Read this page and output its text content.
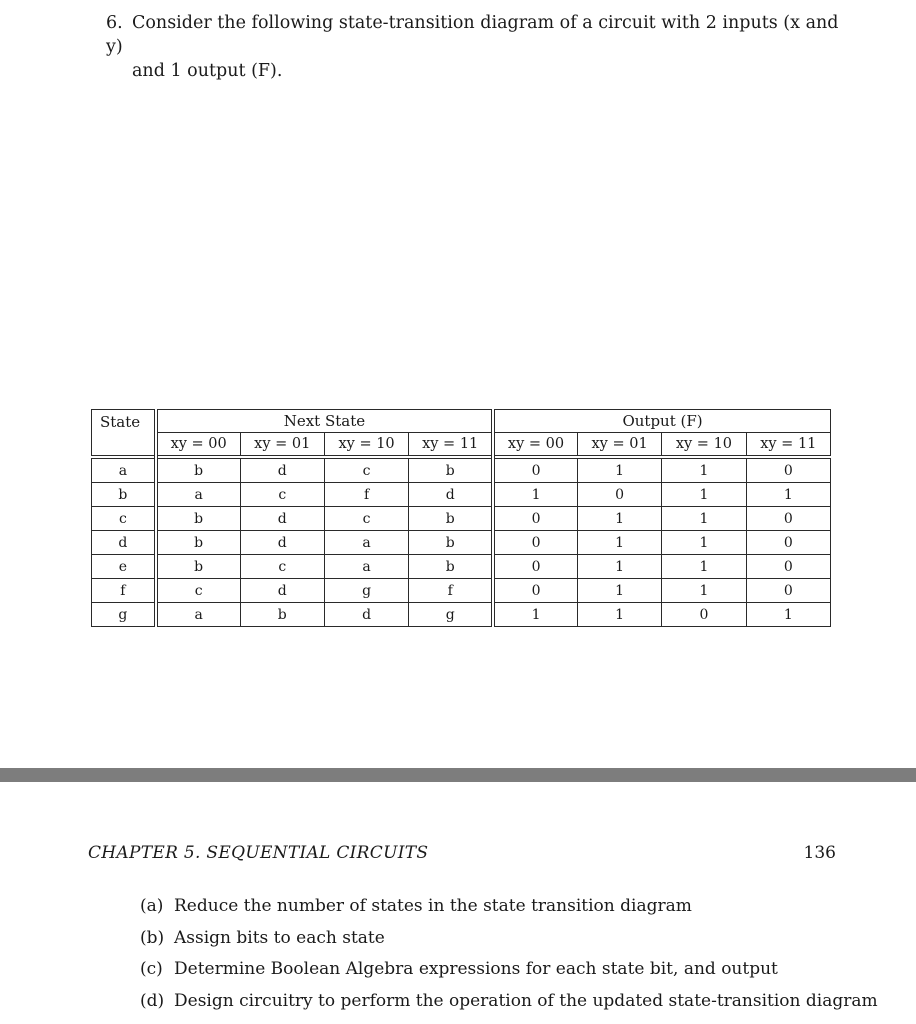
6. Consider the following state-transition diagram of a circuit with 2 inputs (x and y)
and 1 output (F).
State	Next State				Output (F)			
	xy = 00	xy = 01	xy = 10	xy = 11	xy = 00	xy = 01	xy = 10	xy = 11
a	b	d	c	b	0	1	1	0
b	a	c	f	d	1	0	1	1
c	b	d	c	b	0	1	1	0
d	b	d	a	b	0	1	1	0
e	b	c	a	b	0	1	1	0
f	c	d	g	f	0	1	1	0
g	a	b	d	g	1	1	0	1
CHAPTER 5. SEQUENTIAL CIRCUITS	136
(a) Reduce the number of states in the state transition diagram
(b) Assign bits to each state
(c) Determine Boolean Algebra expressions for each state bit, and output
(d) Design circuitry to perform the operation of the updated state-transition diagram
